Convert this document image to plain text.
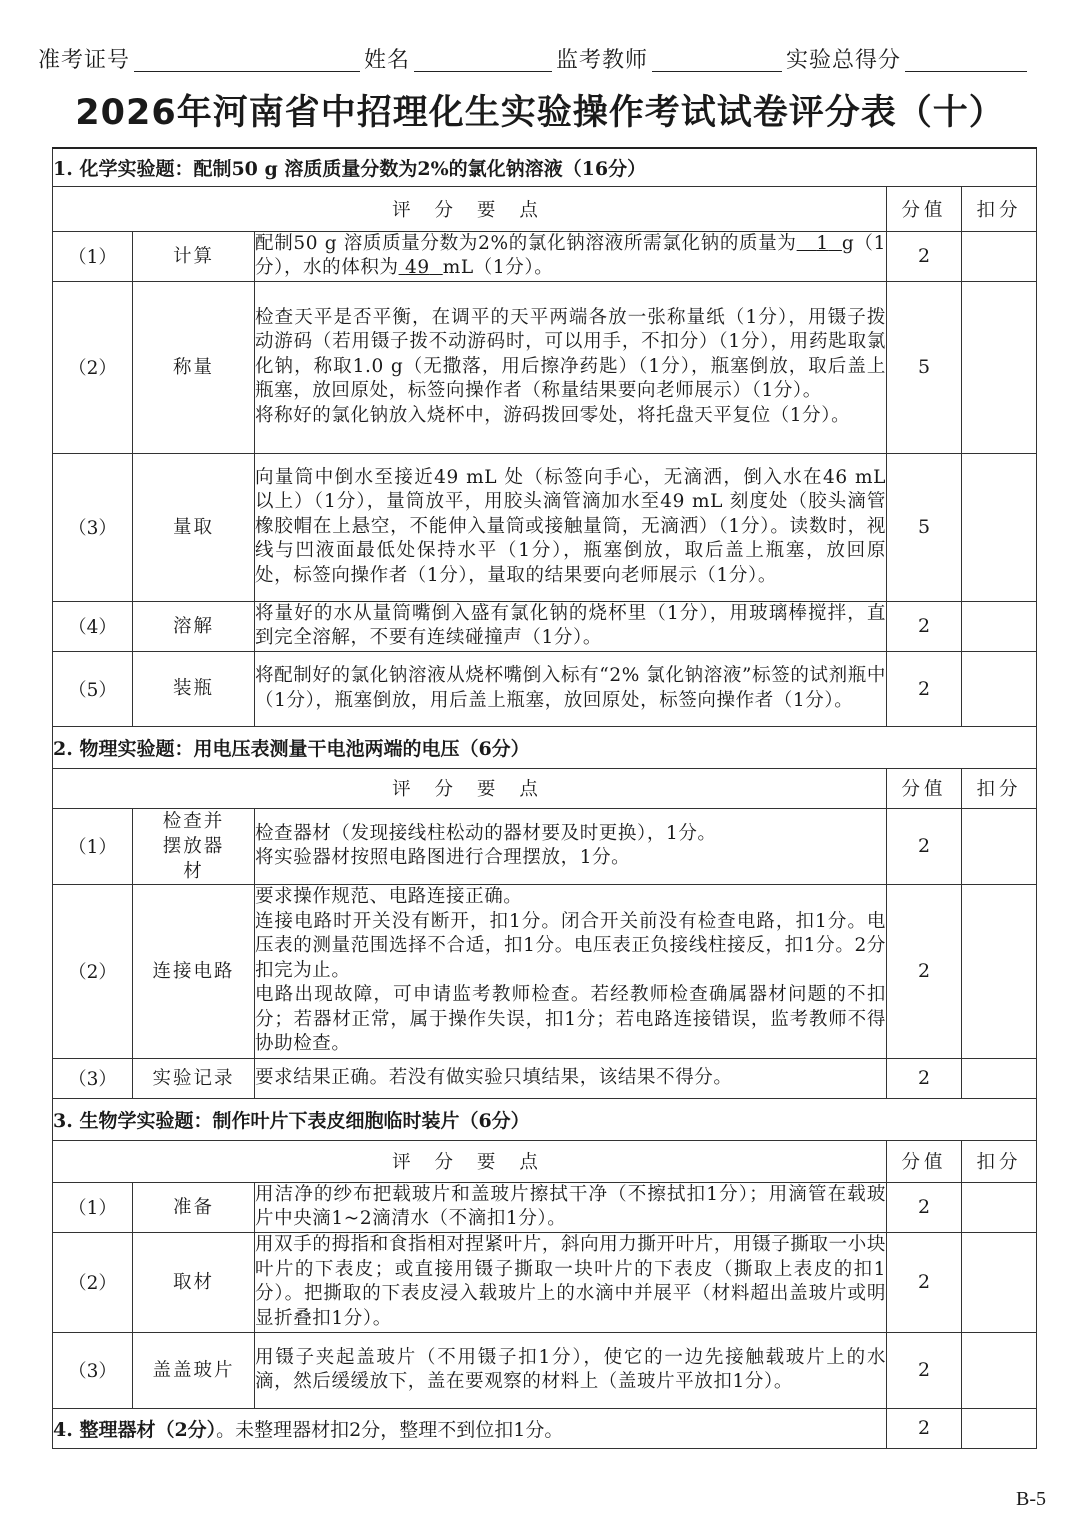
准考证号	姓名	监考教师	实验总得分
2026年河南省中招理化生实验操作考试试卷评分表（十）
1. 化学实验题：配制50 g 溶质质量分数为2%的氯化钠溶液（16分）				
评 分 要 点			分值	扣分
（1）	计算	配制50 g 溶质质量分数为2%的氯化钠溶液所需氯化钠的质量为 1 g（1分），水的体积为 49 mL（1分）。	2	
（2）	称量	检查天平是否平衡，在调平的天平两端各放一张称量纸（1分），用镊子拨动游码（若用镊子拨不动游码时，可以用手，不扣分）（1分），用药匙取氯化钠，称取1.0 g（无撒落，用后擦净药匙）（1分），瓶塞倒放，取后盖上瓶塞，放回原处，标签向操作者（称量结果要向老师展示）（1分）。
将称好的氯化钠放入烧杯中，游码拨回零处，将托盘天平复位（1分）。	5	
（3）	量取	向量筒中倒水至接近49 mL 处（标签向手心，无滴洒，倒入水在46 mL 以上）（1分），量筒放平，用胶头滴管滴加水至49 mL 刻度处（胶头滴管橡胶帽在上悬空，不能伸入量筒或接触量筒，无滴洒）（1分）。读数时，视线与凹液面最低处保持水平（1分），瓶塞倒放，取后盖上瓶塞，放回原处，标签向操作者（1分），量取的结果要向老师展示（1分）。	5	
（4）	溶解	将量好的水从量筒嘴倒入盛有氯化钠的烧杯里（1分），用玻璃棒搅拌，直到完全溶解，不要有连续碰撞声（1分）。	2	
（5）	装瓶	将配制好的氯化钠溶液从烧杯嘴倒入标有“2% 氯化钠溶液”标签的试剂瓶中（1分），瓶塞倒放，用后盖上瓶塞，放回原处，标签向操作者（1分）。	2	
2. 物理实验题：用电压表测量干电池两端的电压（6分）				
评 分 要 点			分值	扣分
（1）	检查并摆放器材	检查器材（发现接线柱松动的器材要及时更换），1分。
将实验器材按照电路图进行合理摆放，1分。	2	
（2）	连接电路	要求操作规范、电路连接正确。
连接电路时开关没有断开，扣1分。闭合开关前没有检查电路，扣1分。电压表的测量范围选择不合适，扣1分。电压表正负接线柱接反，扣1分。2分扣完为止。
电路出现故障，可申请监考教师检查。若经教师检查确属器材问题的不扣分；若器材正常，属于操作失误，扣1分；若电路连接错误，监考教师不得协助检查。	2	
（3）	实验记录	要求结果正确。若没有做实验只填结果，该结果不得分。	2	
3. 生物学实验题：制作叶片下表皮细胞临时装片（6分）				
评 分 要 点			分值	扣分
（1）	准备	用洁净的纱布把载玻片和盖玻片擦拭干净（不擦拭扣1分）；用滴管在载玻片中央滴1~2滴清水（不滴扣1分）。	2	
（2）	取材	用双手的拇指和食指相对捏紧叶片，斜向用力撕开叶片，用镊子撕取一小块叶片的下表皮；或直接用镊子撕取一块叶片的下表皮（撕取上表皮的扣1分）。把撕取的下表皮浸入载玻片上的水滴中并展平（材料超出盖玻片或明显折叠扣1分）。	2	
（3）	盖盖玻片	用镊子夹起盖玻片（不用镊子扣1分），使它的一边先接触载玻片上的水滴，然后缓缓放下，盖在要观察的材料上（盖玻片平放扣1分）。	2	
4. 整理器材（2分）。未整理器材扣2分，整理不到位扣1分。			2	
B-5
